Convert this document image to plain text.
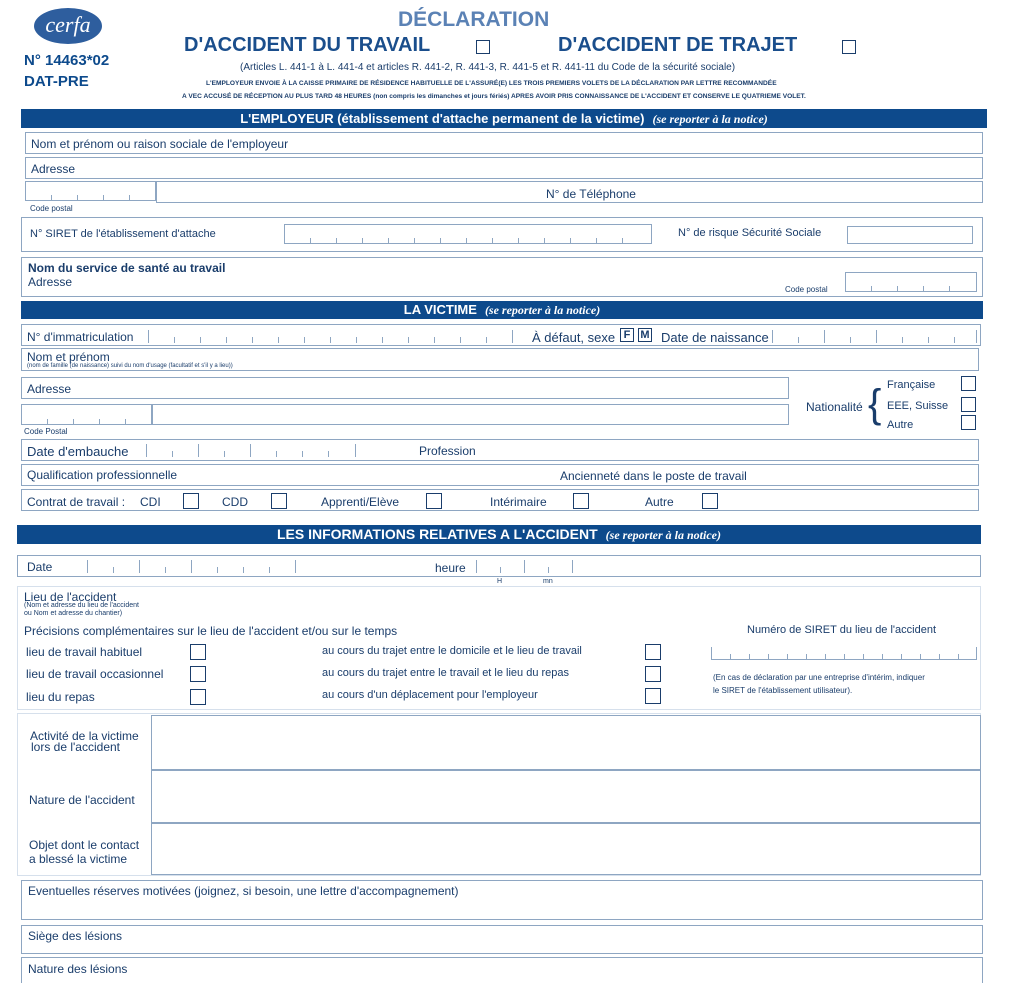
cerfa
N° 14463*02
DAT-PRE
DÉCLARATION
D'ACCIDENT DU TRAVAIL	D'ACCIDENT DE TRAJET
(Articles L. 441-1 à L. 441-4 et articles R. 441-2, R. 441-3, R. 441-5 et R. 441-11 du Code de la sécurité sociale)
L'EMPLOYEUR ENVOIE À LA CAISSE PRIMAIRE DE RÉSIDENCE HABITUELLE DE L'ASSURÉ(E) LES TROIS PREMIERS VOLETS DE LA DÉCLARATION PAR LETTRE RECOMMANDÉE
A VEC ACCUSÉ DE RÉCEPTION AU PLUS TARD 48 HEURES (non compris les dimanches et jours fériés) APRES AVOIR PRIS CONNAISSANCE DE L'ACCIDENT ET CONSERVE LE QUATRIEME VOLET.
L'EMPLOYEUR (établissement d'attache permanent de la victime) (se reporter à la notice)
Nom et prénom ou raison sociale de l'employeur
Adresse
Code postal
N° de Téléphone
N° SIRET de l'établissement d'attache	N° de risque Sécurité Sociale
Nom du service de santé au travail
Adresse
Code postal
LA VICTIME (se reporter à la notice)
N° d'immatriculation	À défaut, sexe F M Date de naissance
Nom et prénom
(nom de famille (de naissance) suivi du nom d'usage (facultatif et s'il y a lieu))
Adresse
Code Postal
Nationalité { Française
EEE, Suisse
Autre
Date d'embauche	Profession
Qualification professionnelle	Ancienneté dans le poste de travail
Contrat de travail : CDI	CDD	Apprenti/Elève	Intérimaire	Autre
LES INFORMATIONS RELATIVES A L'ACCIDENT (se reporter à la notice)
Date	heure
H	mn
Lieu de l'accident
(Nom et adresse du lieu de l'accident
ou Nom et adresse du chantier)
Précisions complémentaires sur le lieu de l'accident et/ou sur le temps	Numéro de SIRET du lieu de l'accident
lieu de travail habituel
lieu de travail occasionnel
lieu du repas
au cours du trajet entre le domicile et le lieu de travail
au cours du trajet entre le travail et le lieu du repas
au cours d'un déplacement pour l'employeur
(En cas de déclaration par une entreprise d'intérim, indiquer
le SIRET de l'établissement utilisateur).
Activité de la victime
lors de l'accident
Nature de l'accident
Objet dont le contact
a blessé la victime
Eventuelles réserves motivées (joignez, si besoin, une lettre d'accompagnement)
Siège des lésions
Nature des lésions
